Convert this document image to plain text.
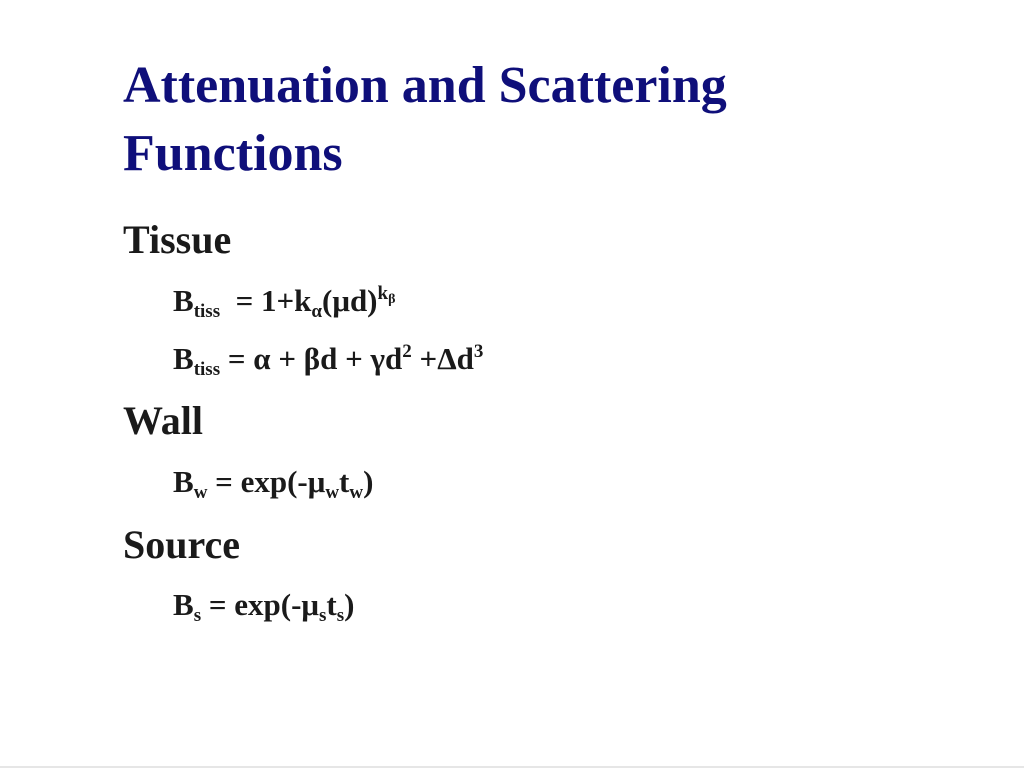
Attenuation and Scattering Functions

Tissue

$B_{tiss} = 1+k_\alpha(\mu d)^{k_\beta}$

$B_{tiss} = \alpha + \beta d + \gamma d^2 +\Delta d^3$

Wall

$B_w = \exp(-\mu_wt_w)$

Source

$B_s = \exp(-\mu_st_s)$
